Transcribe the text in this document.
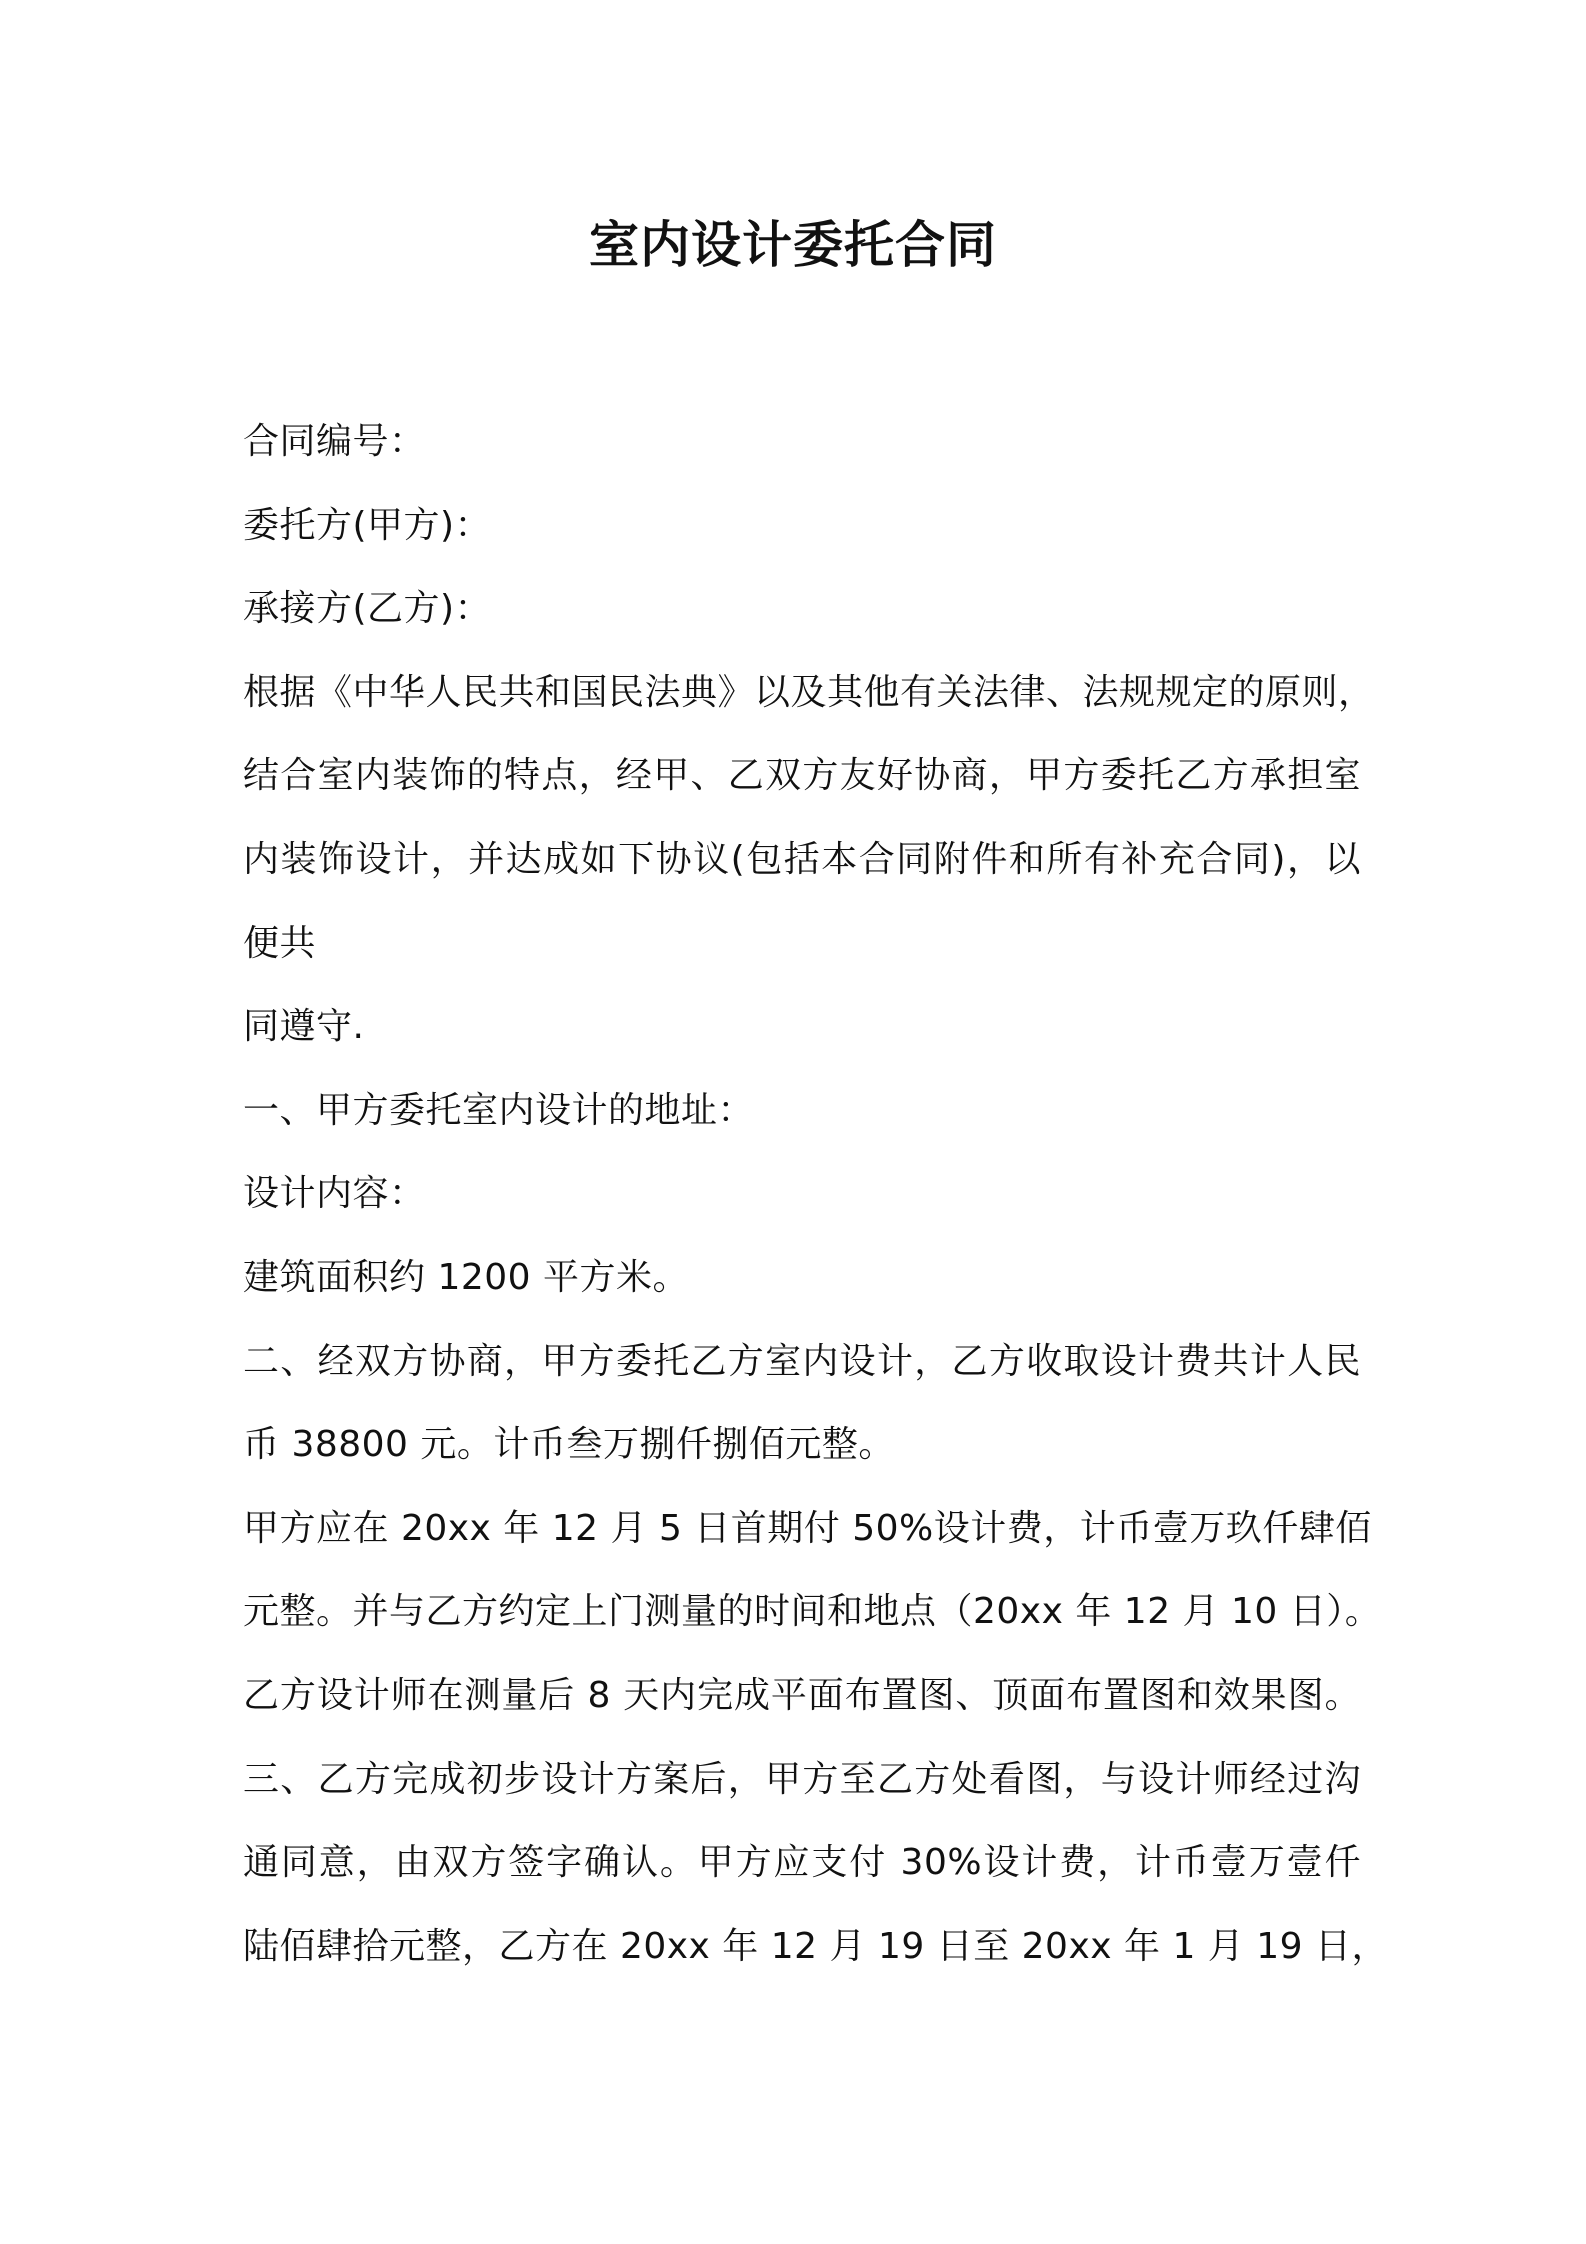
室内设计委托合同
合同编号：
委托方(甲方)：
承接方(乙方)：
根据《中华人民共和国民法典》以及其他有关法律、法规规定的原则，
结合室内装饰的特点，经甲、乙双方友好协商，甲方委托乙方承担室
内装饰设计，并达成如下协议(包括本合同附件和所有补充合同)，以
便共
同遵守.
一、甲方委托室内设计的地址：
设计内容：
建筑面积约 1200 平方米。
二、经双方协商，甲方委托乙方室内设计，乙方收取设计费共计人民
币 38800 元。计币叁万捌仟捌佰元整。
甲方应在 20xx 年 12 月 5 日首期付 50%设计费，计币壹万玖仟肆佰
元整。并与乙方约定上门测量的时间和地点（20xx 年 12 月 10 日）。
乙方设计师在测量后 8 天内完成平面布置图、顶面布置图和效果图。
三、乙方完成初步设计方案后，甲方至乙方处看图，与设计师经过沟
通同意，由双方签字确认。甲方应支付 30%设计费，计币壹万壹仟
陆佰肆拾元整，乙方在 20xx 年 12 月 19 日至 20xx 年 1 月 19 日，
